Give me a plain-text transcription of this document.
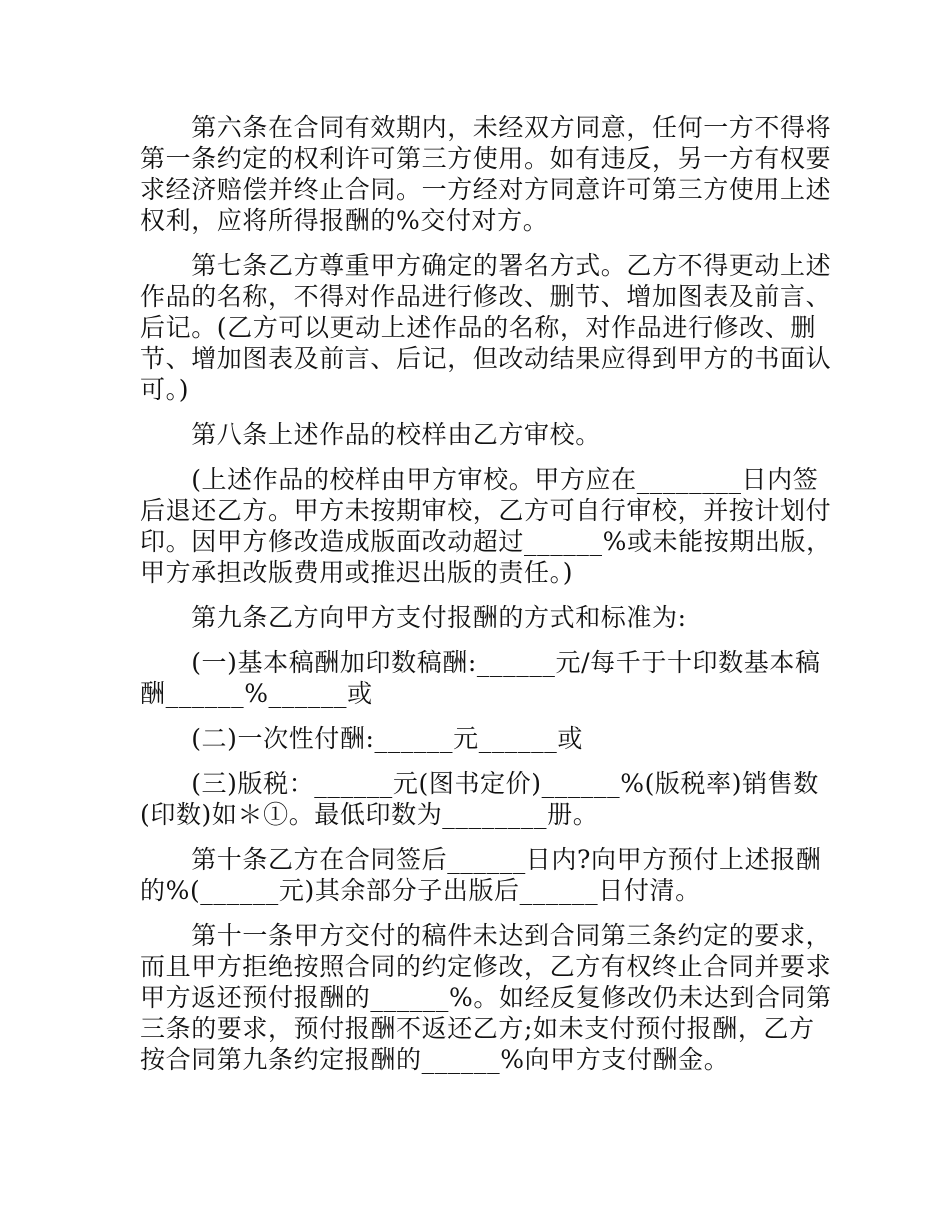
　　第六条在合同有效期内，未经双方同意，任何一方不得将
第一条约定的权利许可第三方使用。如有违反，另一方有权要
求经济赔偿并终止合同。一方经对方同意许可第三方使用上述
权利，应将所得报酬的%交付对方。
　　第七条乙方尊重甲方确定的署名方式。乙方不得更动上述
作品的名称，不得对作品进行修改、删节、增加图表及前言、
后记。(乙方可以更动上述作品的名称，对作品进行修改、删
节、增加图表及前言、后记，但改动结果应得到甲方的书面认
可。)
　　第八条上述作品的校样由乙方审校。
　　(上述作品的校样由甲方审校。甲方应在________日内签
后退还乙方。甲方未按期审校，乙方可自行审校，并按计划付
印。因甲方修改造成版面改动超过______%或未能按期出版，
甲方承担改版费用或推迟出版的责任。)
　　第九条乙方向甲方支付报酬的方式和标准为:
　　(一)基本稿酬加印数稿酬:______元/每千于十印数基本稿
酬______%______或
　　(二)一次性付酬:______元______或
　　(三)版税：______元(图书定价)______%(版税率)销售数
(印数)如＊①。最低印数为________册。
　　第十条乙方在合同签后______日内?向甲方预付上述报酬
的%(______元)其余部分子出版后______日付清。
　　第十一条甲方交付的稿件未达到合同第三条约定的要求，
而且甲方拒绝按照合同的约定修改，乙方有权终止合同并要求
甲方返还预付报酬的______%。如经反复修改仍未达到合同第
三条的要求，预付报酬不返还乙方;如未支付预付报酬，乙方
按合同第九条约定报酬的______%向甲方支付酬金。
